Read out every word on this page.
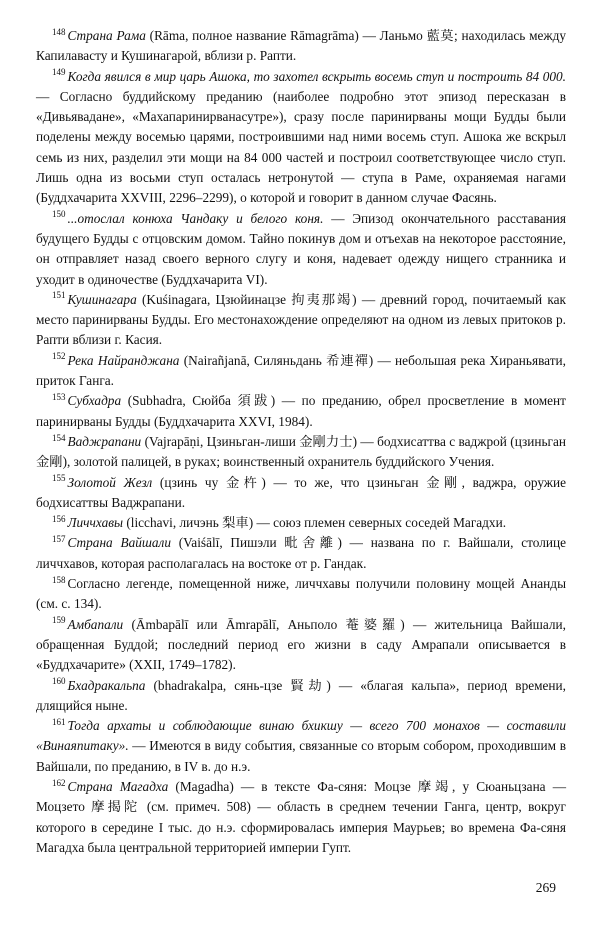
$^{148}$ Страна Рама (Rāma, полное название Rāmagrāma) — Ланьмо 藍莫; находилась между Капилавасту и Кушинагарой, вблизи р. Рапти.

$^{149}$ Когда явился в мир царь Ашока, то захотел вскрыть восемь ступ и построить 84 000. — Согласно буддийскому преданию (наиболее подробно этот эпизод пересказан в «Дивьявадане», «Махапаринирванасутре»), сразу после паринирваны мощи Будды были поделены между восемью царями, построившими над ними восемь ступ. Ашока же вскрыл семь из них, разделил эти мощи на 84 000 частей и построил соответствующее число ступ. Лишь одна из восьми ступ осталась нетронутой — ступа в Раме, охраняемая нагами (Буддхачарита XXVIII, 2296–2299), о которой и говорит в данном случае Фасянь.

$^{150}$ ...отослал конюха Чандаку и белого коня. — Эпизод окончательного расставания будущего Будды с отцовским домом. Тайно покинув дом и отъехав на некоторое расстояние, он отправляет назад своего верного слугу и коня, надевает одежду нищего странника и уходит в одиночестве (Буддхачарита VI).

$^{151}$ Кушинагара (Kuśinagara, Цзюйинацзе 拘夷那竭) — древний город, почитаемый как место паринирваны Будды. Его местонахождение определяют на одном из левых притоков р. Рапти вблизи г. Касия.

$^{152}$ Река Найранджана (Nairañjanā, Силяньдань 希連禪) — небольшая река Хираньявати, приток Ганга.

$^{153}$ Субхадра (Subhadra, Сюйба 須跋) — по преданию, обрел просветление в момент паринирваны Будды (Буддхачарита XXVI, 1984).

$^{154}$ Ваджрапани (Vajrapāṇi, Цзиньган-лиши 金剛力士) — бодхисаттва с ваджрой (цзиньган 金剛), золотой палицей, в руках; воинственный охранитель буддийского Учения.

$^{155}$ Золотой Жезл (цзинь чу 金杵) — то же, что цзиньган 金剛, ваджра, оружие бодхисаттвы Ваджрапани.

$^{156}$ Личчхавы (licchavi, личэнь 梨車) — союз племен северных соседей Магадхи.

$^{157}$ Страна Вайшали (Vaiśālī, Пишэли 毗舍離) — названа по г. Вайшали, столице личчхавов, которая располагалась на востоке от р. Гандак.

$^{158}$ Согласно легенде, помещенной ниже, личчхавы получили половину мощей Ананды (см. с. 134).

$^{159}$ Амбапали (Āmbapālī или Āmrapālī, Аньполо 菴婆羅) — жительница Вайшали, обращенная Буддой; последний период его жизни в саду Амрапали описывается в «Буддхачарите» (XXII, 1749–1782).

$^{160}$ Бхадракальпа (bhadrakalpa, сянь-цзе 賢劫) — «благая кальпа», период времени, длящийся ныне.

$^{161}$ Тогда архаты и соблюдающие винаю бхикшу — всего 700 монахов — составили «Винаяпитаку». — Имеются в виду события, связанные со вторым собором, проходившим в Вайшали, по преданию, в IV в. до н.э.

$^{162}$ Страна Магадха (Magadha) — в тексте Фа-сяня: Моцзе 摩竭, у Сюаньцзана — Моцзето 摩揭陀 (см. примеч. 508) — область в среднем течении Ганга, центр, вокруг которого в середине I тыс. до н.э. сформировалась империя Маурьев; во времена Фа-сяня Магадха была центральной территорией империи Гупт.

269
